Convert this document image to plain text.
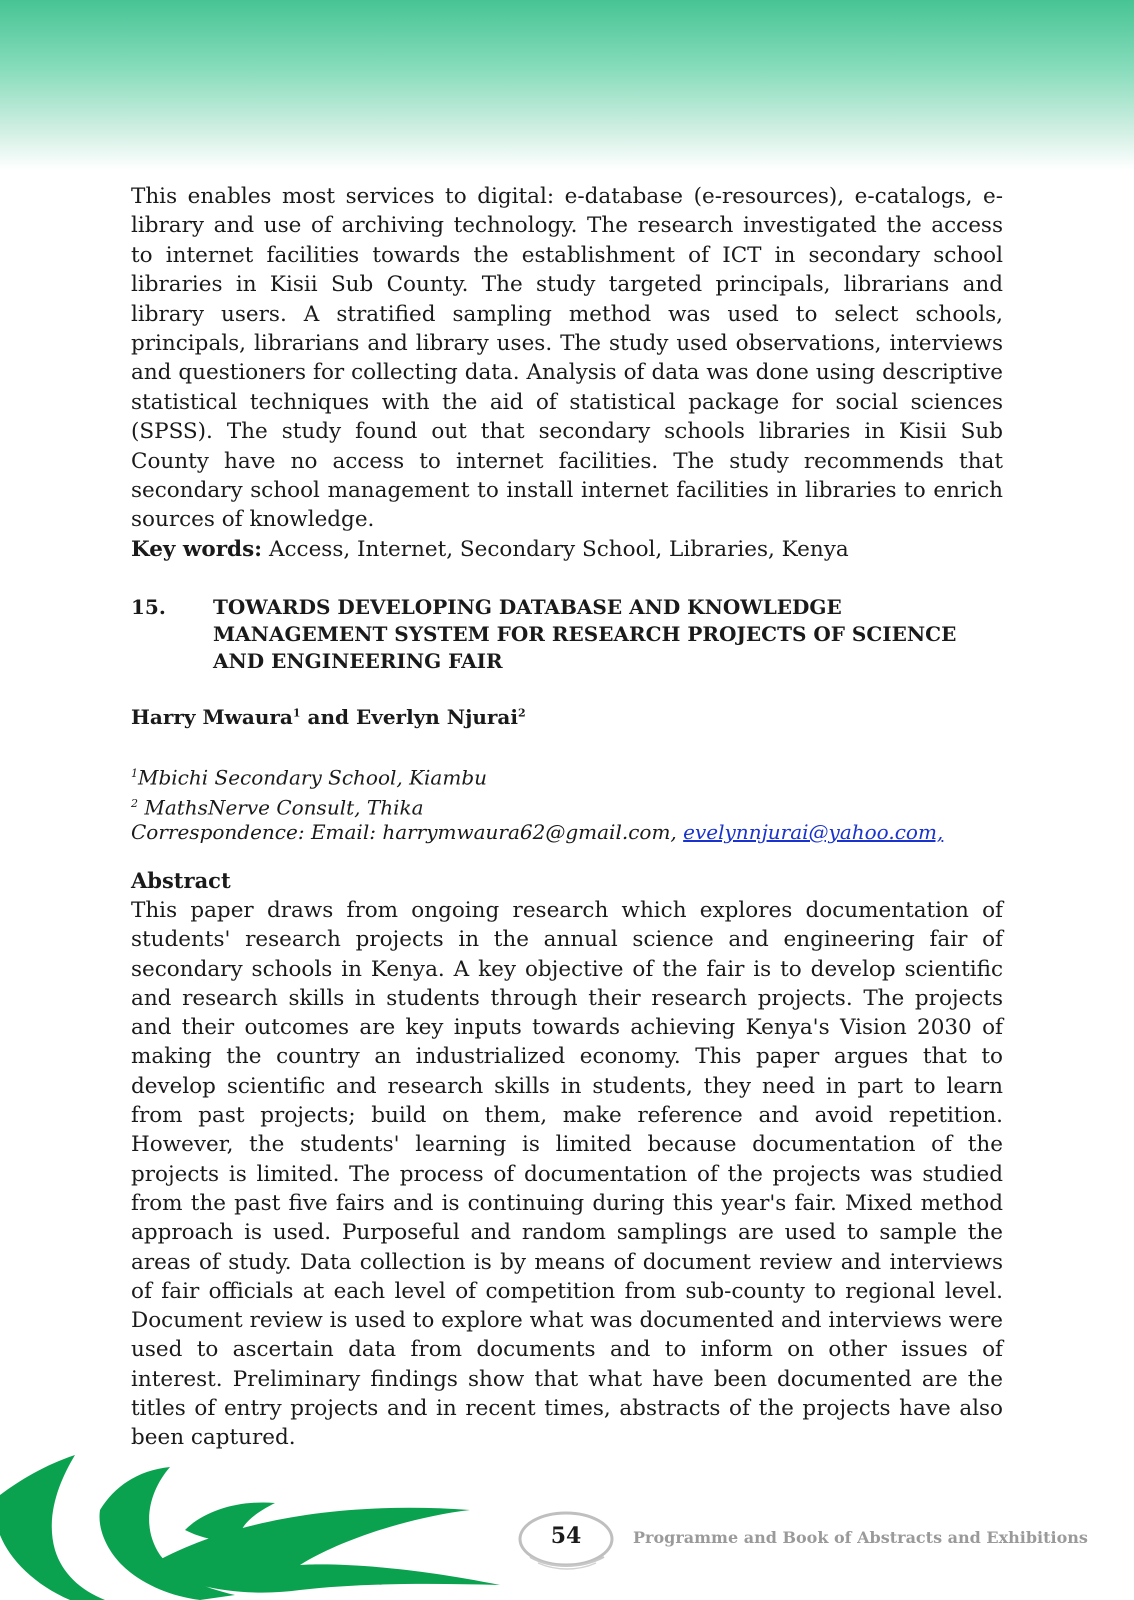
This enables most services to digital: e-database (e-resources), e-catalogs, e-library and use of archiving technology. The research investigated the access to internet facilities towards the establishment of ICT in secondary school libraries in Kisii Sub County. The study targeted principals, librarians and library users. A stratified sampling method was used to select schools, principals, librarians and library uses. The study used observations, interviews and questioners for collecting data. Analysis of data was done using descriptive statistical techniques with the aid of statistical package for social sciences (SPSS). The study found out that secondary schools libraries in Kisii Sub County have no access to internet facilities. The study recommends that secondary school management to install internet facilities in libraries to enrich sources of knowledge.

Key words: Access, Internet, Secondary School, Libraries, Kenya

15. TOWARDS DEVELOPING DATABASE AND KNOWLEDGE
MANAGEMENT SYSTEM FOR RESEARCH PROJECTS OF SCIENCE
AND ENGINEERING FAIR
Harry Mwaura$^1$ and Everlyn Njurai$^2$
$^1$Mbichi Secondary School, Kiambu
$^2$ MathsNerve Consult, Thika
Correspondence: Email: harrymwaura62@gmail.com, evelynnjurai@yahoo.com,
Abstract
This paper draws from ongoing research which explores documentation of students' research projects in the annual science and engineering fair of secondary schools in Kenya. A key objective of the fair is to develop scientific and research skills in students through their research projects. The projects and their outcomes are key inputs towards achieving Kenya's Vision 2030 of making the country an industrialized economy. This paper argues that to develop scientific and research skills in students, they need in part to learn from past projects; build on them, make reference and avoid repetition. However, the students' learning is limited because documentation of the projects is limited. The process of documentation of the projects was studied from the past five fairs and is continuing during this year's fair. Mixed method approach is used. Purposeful and random samplings are used to sample the areas of study. Data collection is by means of document review and interviews of fair officials at each level of competition from sub-county to regional level. Document review is used to explore what was documented and interviews were used to ascertain data from documents and to inform on other issues of interest. Preliminary findings show that what have been documented are the titles of entry projects and in recent times, abstracts of the projects have also been captured.
54	Programme and Book of Abstracts and Exhibitions
